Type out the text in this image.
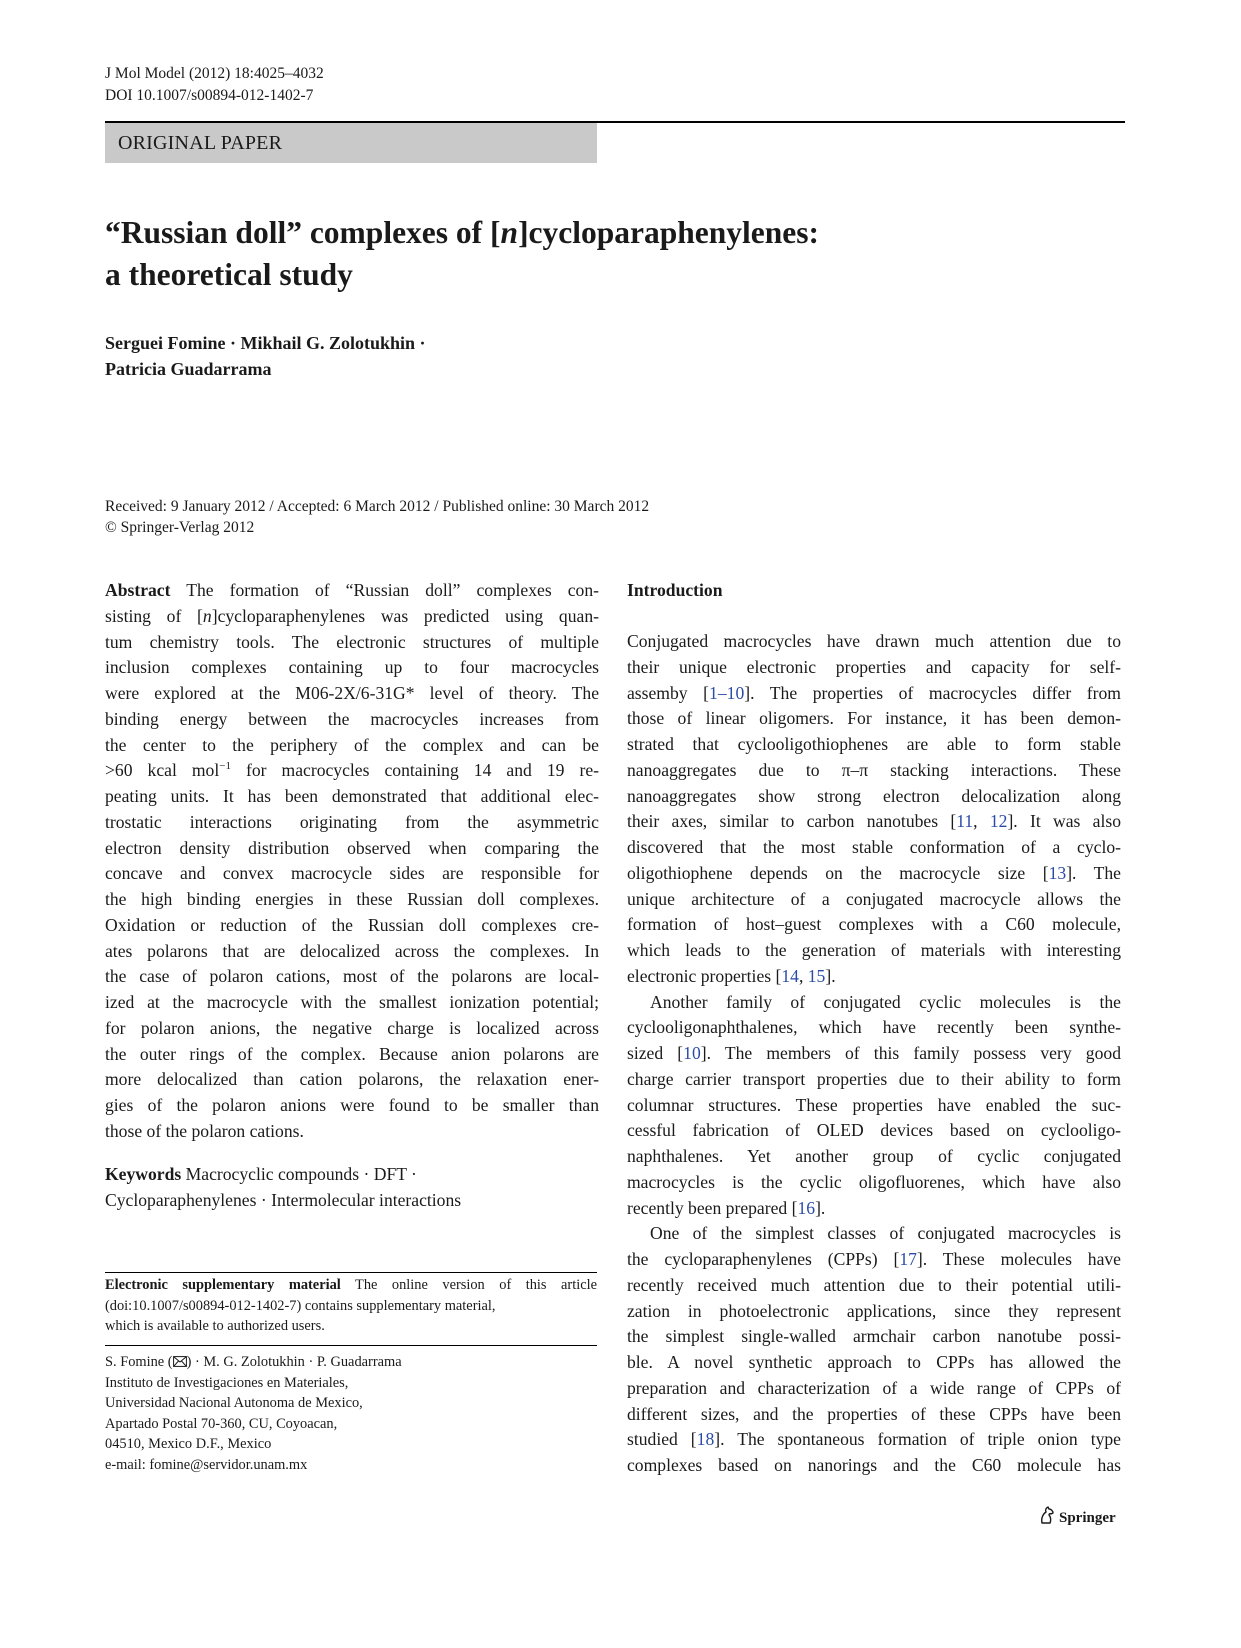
J Mol Model (2012) 18:4025–4032
DOI 10.1007/s00894-012-1402-7
ORIGINAL PAPER
“Russian doll” complexes of [n]cycloparaphenylenes:
a theoretical study
Serguei Fomine · Mikhail G. Zolotukhin ·
Patricia Guadarrama
Received: 9 January 2012 / Accepted: 6 March 2012 / Published online: 30 March 2012
© Springer-Verlag 2012
Abstract The formation of “Russian doll” complexes con-
sisting of [n]cycloparaphenylenes was predicted using quan-
tum chemistry tools. The electronic structures of multiple
inclusion complexes containing up to four macrocycles
were explored at the M06-2X/6-31G* level of theory. The
binding energy between the macrocycles increases from
the center to the periphery of the complex and can be
>60 kcal mol$^{-1}$ for macrocycles containing 14 and 19 re-
peating units. It has been demonstrated that additional elec-
trostatic interactions originating from the asymmetric
electron density distribution observed when comparing the
concave and convex macrocycle sides are responsible for
the high binding energies in these Russian doll complexes.
Oxidation or reduction of the Russian doll complexes cre-
ates polarons that are delocalized across the complexes. In
the case of polaron cations, most of the polarons are local-
ized at the macrocycle with the smallest ionization potential;
for polaron anions, the negative charge is localized across
the outer rings of the complex. Because anion polarons are
more delocalized than cation polarons, the relaxation ener-
gies of the polaron anions were found to be smaller than
those of the polaron cations.
Keywords Macrocyclic compounds · DFT ·
Cycloparaphenylenes · Intermolecular interactions
Electronic supplementary material The online version of this article
(doi:10.1007/s00894-012-1402-7) contains supplementary material,
which is available to authorized users.
S. Fomine ( ) · M. G. Zolotukhin · P. Guadarrama
Instituto de Investigaciones en Materiales,
Universidad Nacional Autonoma de Mexico,
Apartado Postal 70-360, CU, Coyoacan,
04510, Mexico D.F., Mexico
e-mail: fomine@servidor.unam.mx
Introduction
Conjugated macrocycles have drawn much attention due to
their unique electronic properties and capacity for self-
assemby [1–10]. The properties of macrocycles differ from
those of linear oligomers. For instance, it has been demon-
strated that cyclooligothiophenes are able to form stable
nanoaggregates due to π–π stacking interactions. These
nanoaggregates show strong electron delocalization along
their axes, similar to carbon nanotubes [11, 12]. It was also
discovered that the most stable conformation of a cyclo-
oligothiophene depends on the macrocycle size [13]. The
unique architecture of a conjugated macrocycle allows the
formation of host–guest complexes with a C60 molecule,
which leads to the generation of materials with interesting
electronic properties [14, 15].
Another family of conjugated cyclic molecules is the
cyclooligonaphthalenes, which have recently been synthe-
sized [10]. The members of this family possess very good
charge carrier transport properties due to their ability to form
columnar structures. These properties have enabled the suc-
cessful fabrication of OLED devices based on cyclooligo-
naphthalenes. Yet another group of cyclic conjugated
macrocycles is the cyclic oligofluorenes, which have also
recently been prepared [16].
One of the simplest classes of conjugated macrocycles is
the cycloparaphenylenes (CPPs) [17]. These molecules have
recently received much attention due to their potential utili-
zation in photoelectronic applications, since they represent
the simplest single-walled armchair carbon nanotube possi-
ble. A novel synthetic approach to CPPs has allowed the
preparation and characterization of a wide range of CPPs of
different sizes, and the properties of these CPPs have been
studied [18]. The spontaneous formation of triple onion type
complexes based on nanorings and the C60 molecule has
Springer
